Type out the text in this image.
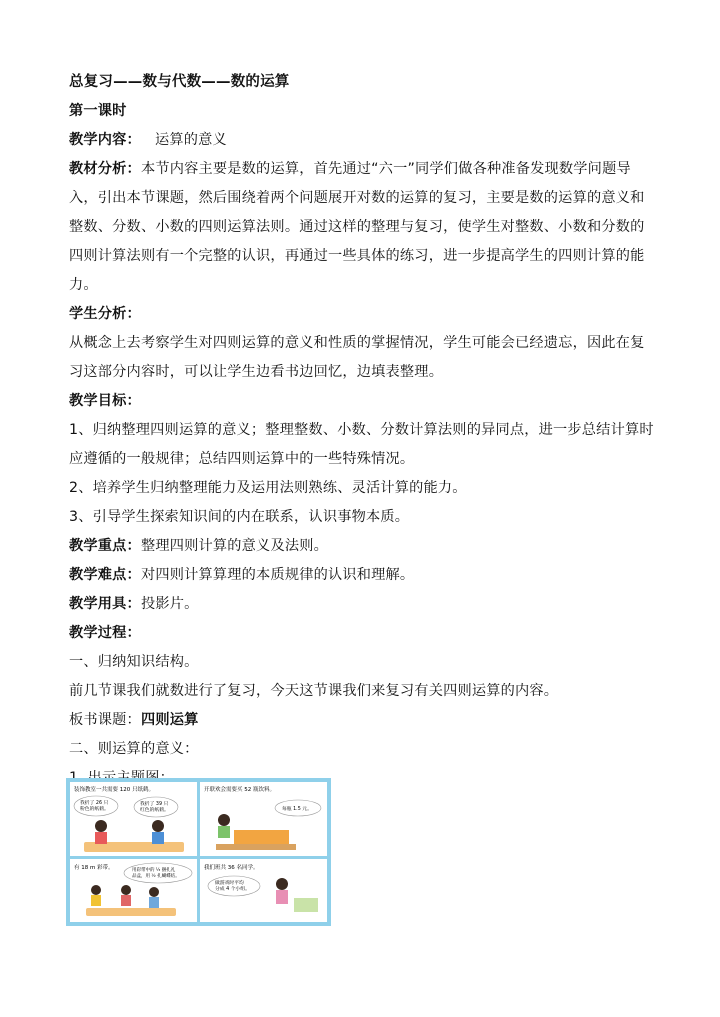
总复习——数与代数——数的运算

第一课时

教学内容： 运算的意义

教材分析：本节内容主要是数的运算，首先通过“六一”同学们做各种准备发现数学问题导

入，引出本节课题，然后围绕着两个问题展开对数的运算的复习，主要是数的运算的意义和

整数、分数、小数的四则运算法则。通过这样的整理与复习，使学生对整数、小数和分数的

四则计算法则有一个完整的认识，再通过一些具体的练习，进一步提高学生的四则计算的能

力。

学生分析：

从概念上去考察学生对四则运算的意义和性质的掌握情况，学生可能会已经遗忘，因此在复

习这部分内容时，可以让学生边看书边回忆，边填表整理。

教学目标：

1、归纳整理四则运算的意义；整理整数、小数、分数计算法则的异同点，进一步总结计算时

应遵循的一般规律；总结四则运算中的一些特殊情况。

2、培养学生归纳整理能力及运用法则熟练、灵活计算的能力。

3、引导学生探索知识间的内在联系，认识事物本质。

教学重点：整理四则计算的意义及法则。

教学难点：对四则计算算理的本质规律的认识和理解。

教学用具：投影片。

教学过程：

一、归纳知识结构。

前几节课我们就数进行了复习，今天这节课我们来复习有关四则运算的内容。

板书课题：四则运算

二、则运算的意义：

装饰教室一共需要 120 只纸鹤。
我折了 26 只
粉色的纸鹤。
我折了 39 只
红色的纸鹤。
开联欢会需要买 52 瓶饮料。
每瓶 1.5 元。
有 18 m 彩带。	用彩带中的 ⅓ 捆扎礼
品盒，用 ½ 扎蝴蝶结。
我们班共 36 名同学。
做游戏时平均
分成 4 个小组。
